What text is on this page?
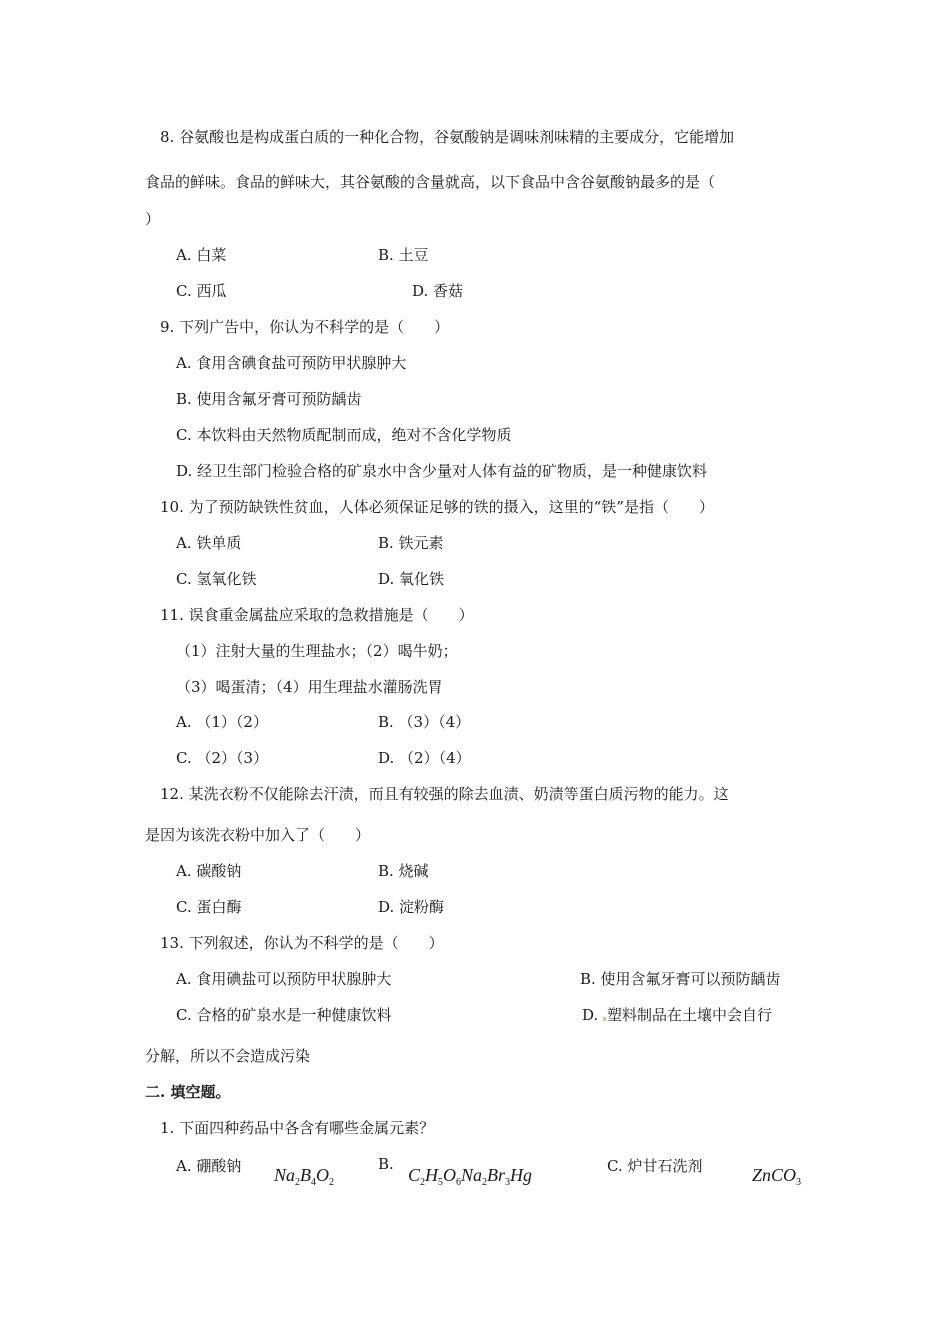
8. 谷氨酸也是构成蛋白质的一种化合物，谷氨酸钠是调味剂味精的主要成分，它能增加
食品的鲜味。食品的鲜味大，其谷氨酸的含量就高，以下食品中含谷氨酸钠最多的是（
）
A. 白菜	B. 土豆
C. 西瓜	D. 香菇
9. 下列广告中，你认为不科学的是（　　）
A. 食用含碘食盐可预防甲状腺肿大
B. 使用含氟牙膏可预防龋齿
C. 本饮料由天然物质配制而成，绝对不含化学物质
D. 经卫生部门检验合格的矿泉水中含少量对人体有益的矿物质，是一种健康饮料
10. 为了预防缺铁性贫血，人体必须保证足够的铁的摄入，这里的“铁”是指（　　）
A. 铁单质	B. 铁元素
C. 氢氧化铁	D. 氧化铁
11. 误食重金属盐应采取的急救措施是（　　）
（1）注射大量的生理盐水；（2）喝牛奶；
（3）喝蛋清；（4）用生理盐水灌肠洗胃
A. （1）（2）	B. （3）（4）
C. （2）（3）	D. （2）（4）
12. 某洗衣粉不仅能除去汗渍，而且有较强的除去血渍、奶渍等蛋白质污物的能力。这
是因为该洗衣粉中加入了（　　）
A. 碳酸钠	B. 烧碱
C. 蛋白酶	D. 淀粉酶
13. 下列叙述，你认为不科学的是（　　）
A. 食用碘盐可以预防甲状腺肿大	B. 使用含氟牙膏可以预防龋齿
C. 合格的矿泉水是一种健康饮料	D. 塑料制品在土壤中会自行
分解，所以不会造成污染
二. 填空题。
1. 下面四种药品中各含有哪些金属元素？
A. 硼酸钠 $Na_2B_4O_2$
B.
$C_2H_5O_6Na_2Br_3Hg$	C. 炉甘石洗剂	ZnCO$_3$
